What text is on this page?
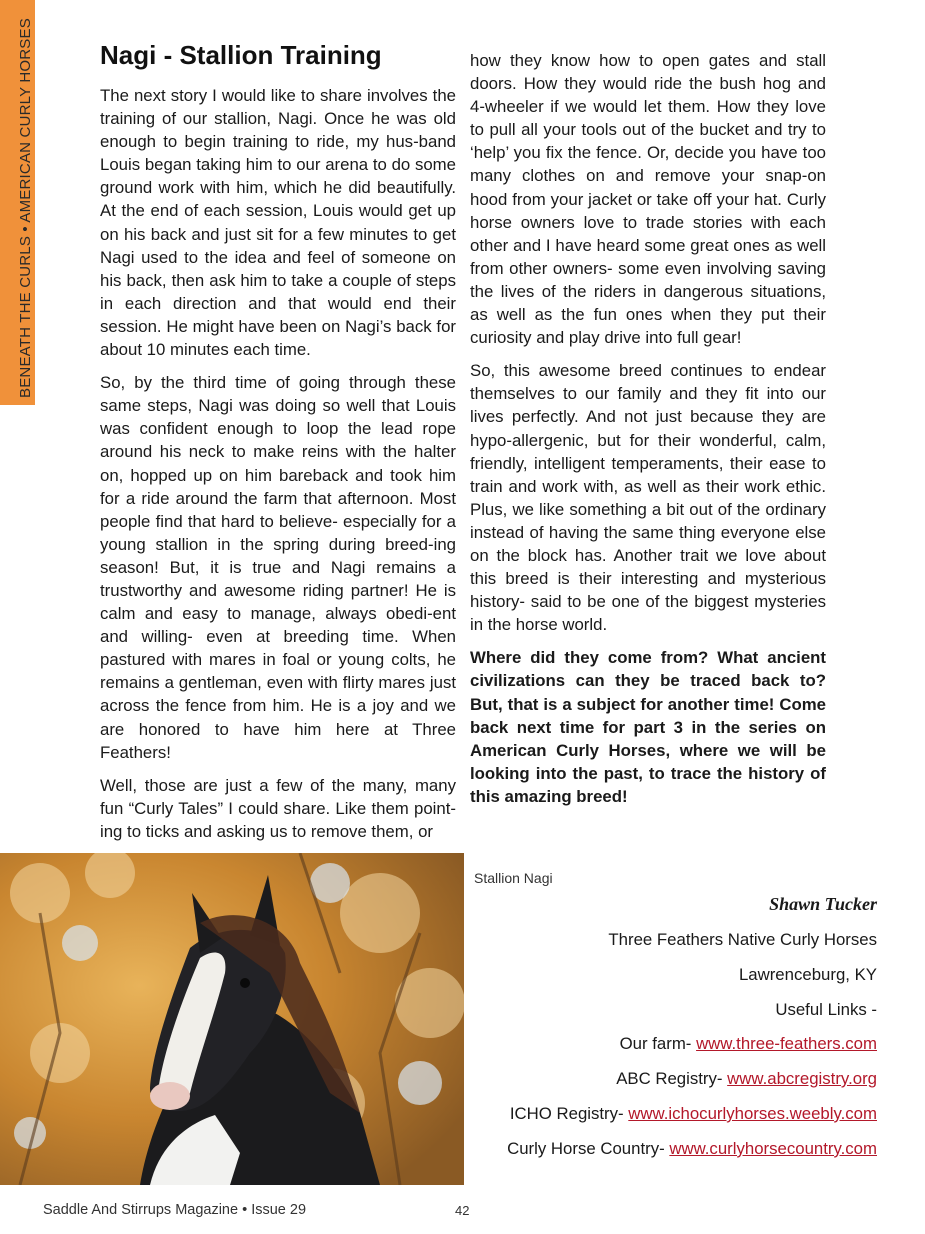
BENEATH THE CURLS • AMERICAN CURLY HORSES	Nagi - Stallion Training

The next story I would like to share involves the training of our stallion, Nagi. Once he was old enough to begin training to ride, my hus-band Louis began taking him to our arena to do some ground work with him, which he did beautifully. At the end of each session, Louis would get up on his back and just sit for a few minutes to get Nagi used to the idea and feel of someone on his back, then ask him to take a couple of steps in each direction and that would end their session. He might have been on Nagi’s back for about 10 minutes each time.

So, by the third time of going through these same steps, Nagi was doing so well that Louis was confident enough to loop the lead rope around his neck to make reins with the halter on, hopped up on him bareback and took him for a ride around the farm that afternoon. Most people find that hard to believe- especially for a young stallion in the spring during breed-ing season! But, it is true and Nagi remains a trustworthy and awesome riding partner! He is calm and easy to manage, always obedi-ent and willing- even at breeding time. When pastured with mares in foal or young colts, he remains a gentleman, even with flirty mares just across the fence from him. He is a joy and we are honored to have him here at Three Feathers!

Well, those are just a few of the many, many fun “Curly Tales” I could share. Like them point-ing to ticks and asking us to remove them, or

how they know how to open gates and stall doors. How they would ride the bush hog and 4-wheeler if we would let them. How they love to pull all your tools out of the bucket and try to ‘help’ you fix the fence. Or, decide you have too many clothes on and remove your snap-on hood from your jacket or take off your hat. Curly horse owners love to trade stories with each other and I have heard some great ones as well from other owners- some even involving saving the lives of the riders in dangerous situations, as well as the fun ones when they put their curiosity and play drive into full gear!

So, this awesome breed continues to endear themselves to our family and they fit into our lives perfectly. And not just because they are hypo-allergenic, but for their wonderful, calm, friendly, intelligent temperaments, their ease to train and work with, as well as their work ethic. Plus, we like something a bit out of the ordinary instead of having the same thing everyone else on the block has. Another trait we love about this breed is their interesting and mysterious history- said to be one of the biggest mysteries in the horse world.

Where did they come from? What ancient civilizations can they be traced back to? But, that is a subject for another time! Come back next time for part 3 in the series on American Curly Horses, where we will be looking into the past, to trace the history of this amazing breed!

Stallion Nagi
Shawn Tucker
Three Feathers Native Curly Horses
Lawrenceburg, KY
Useful Links -
Our farm- www.three-feathers.com
ABC Registry- www.abcregistry.org
ICHO Registry- www.ichocurlyhorses.weebly.com
Curly Horse Country- www.curlyhorsecountry.com
Saddle And Stirrups Magazine • Issue 29	42
